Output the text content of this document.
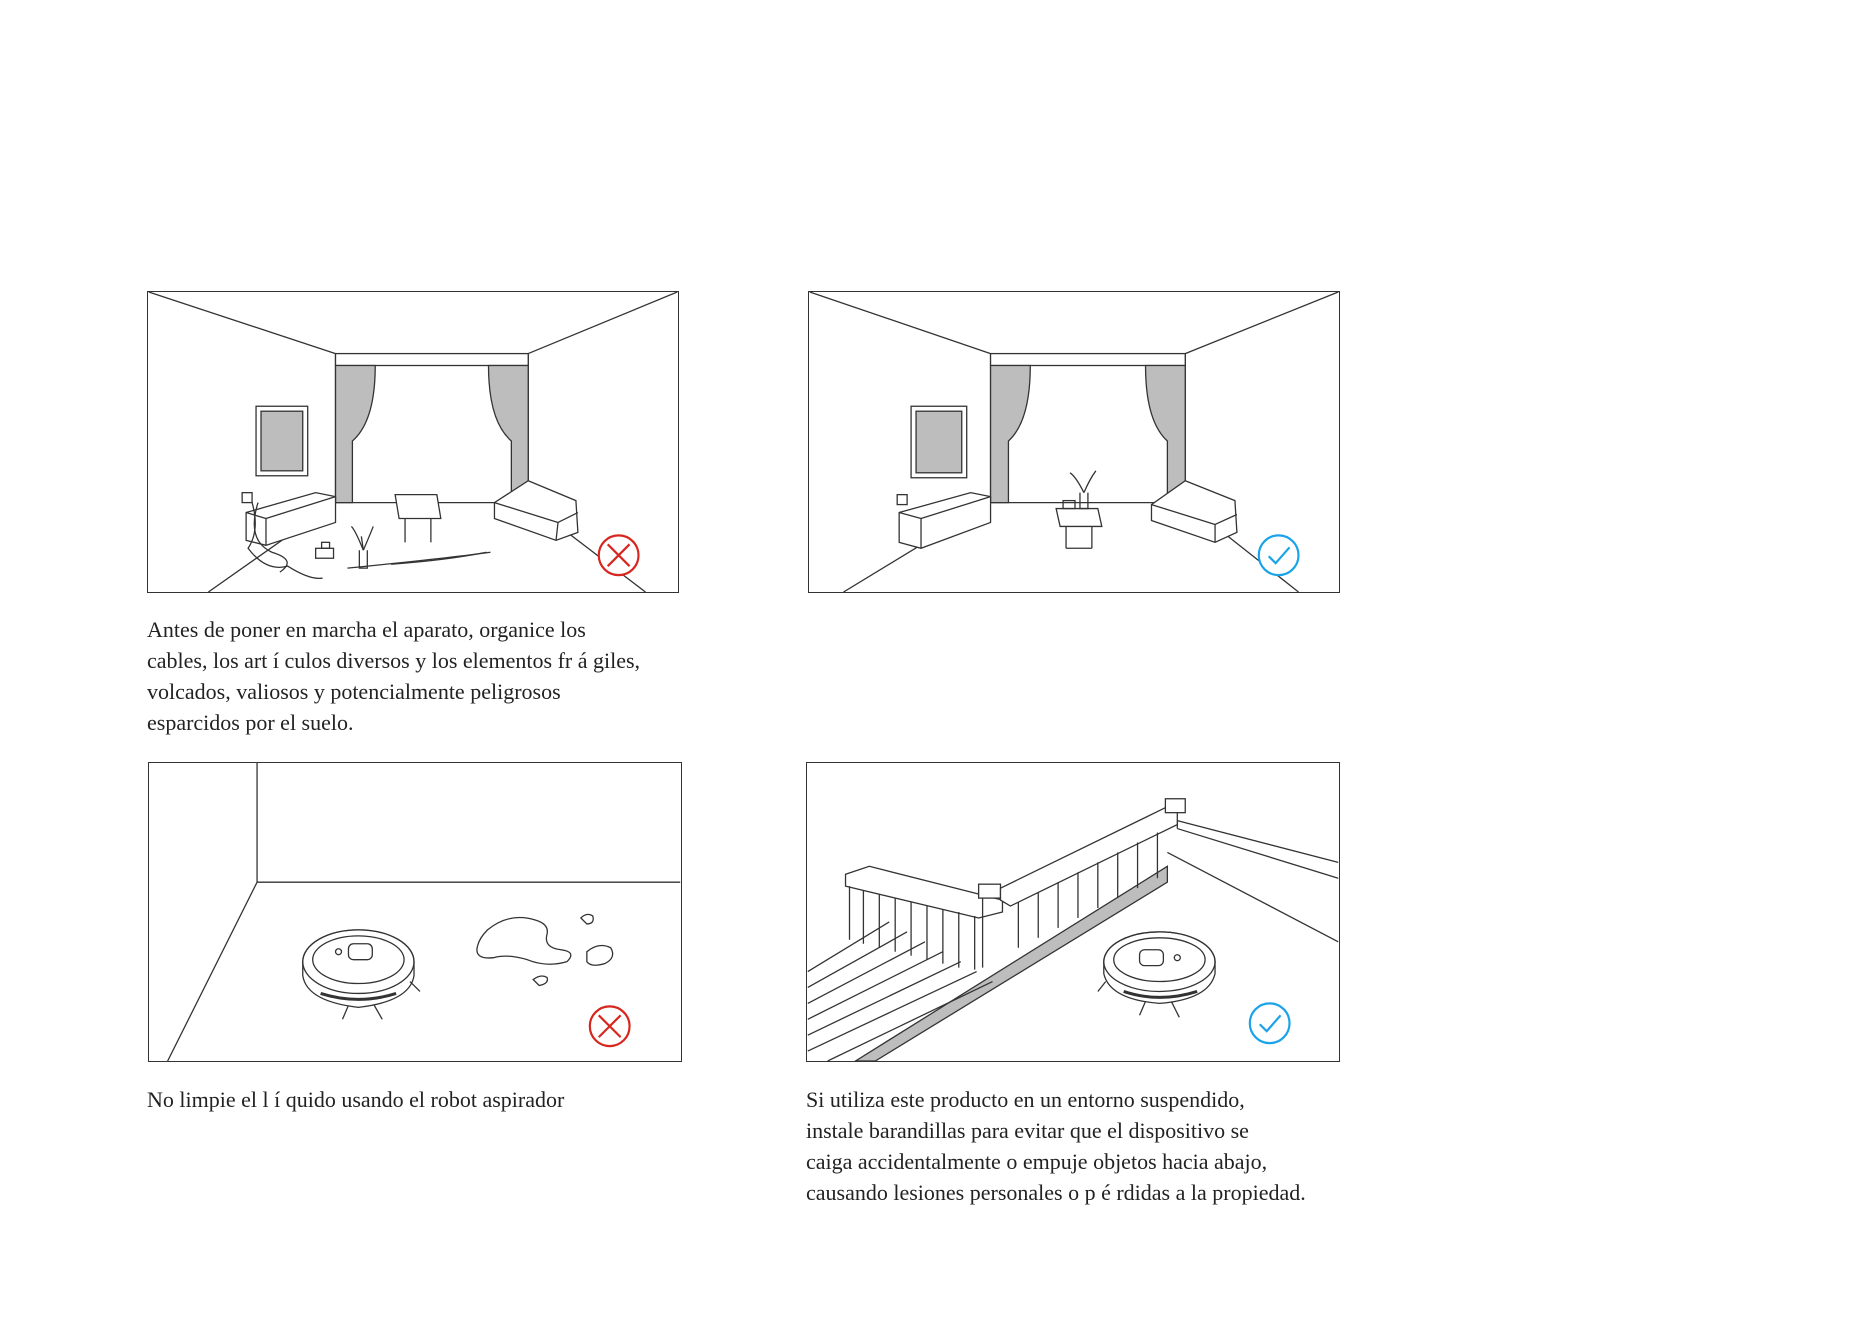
Antes de poner en marcha el aparato, organice los
cables, los art í culos diversos y los elementos fr á giles,
volcados, valiosos y potencialmente peligrosos
esparcidos por el suelo.
No limpie el l í quido usando el robot aspirador	Si utiliza este producto en un entorno suspendido,
instale barandillas para evitar que el dispositivo se
caiga accidentalmente o empuje objetos hacia abajo,
causando lesiones personales o p é rdidas a la propiedad.
